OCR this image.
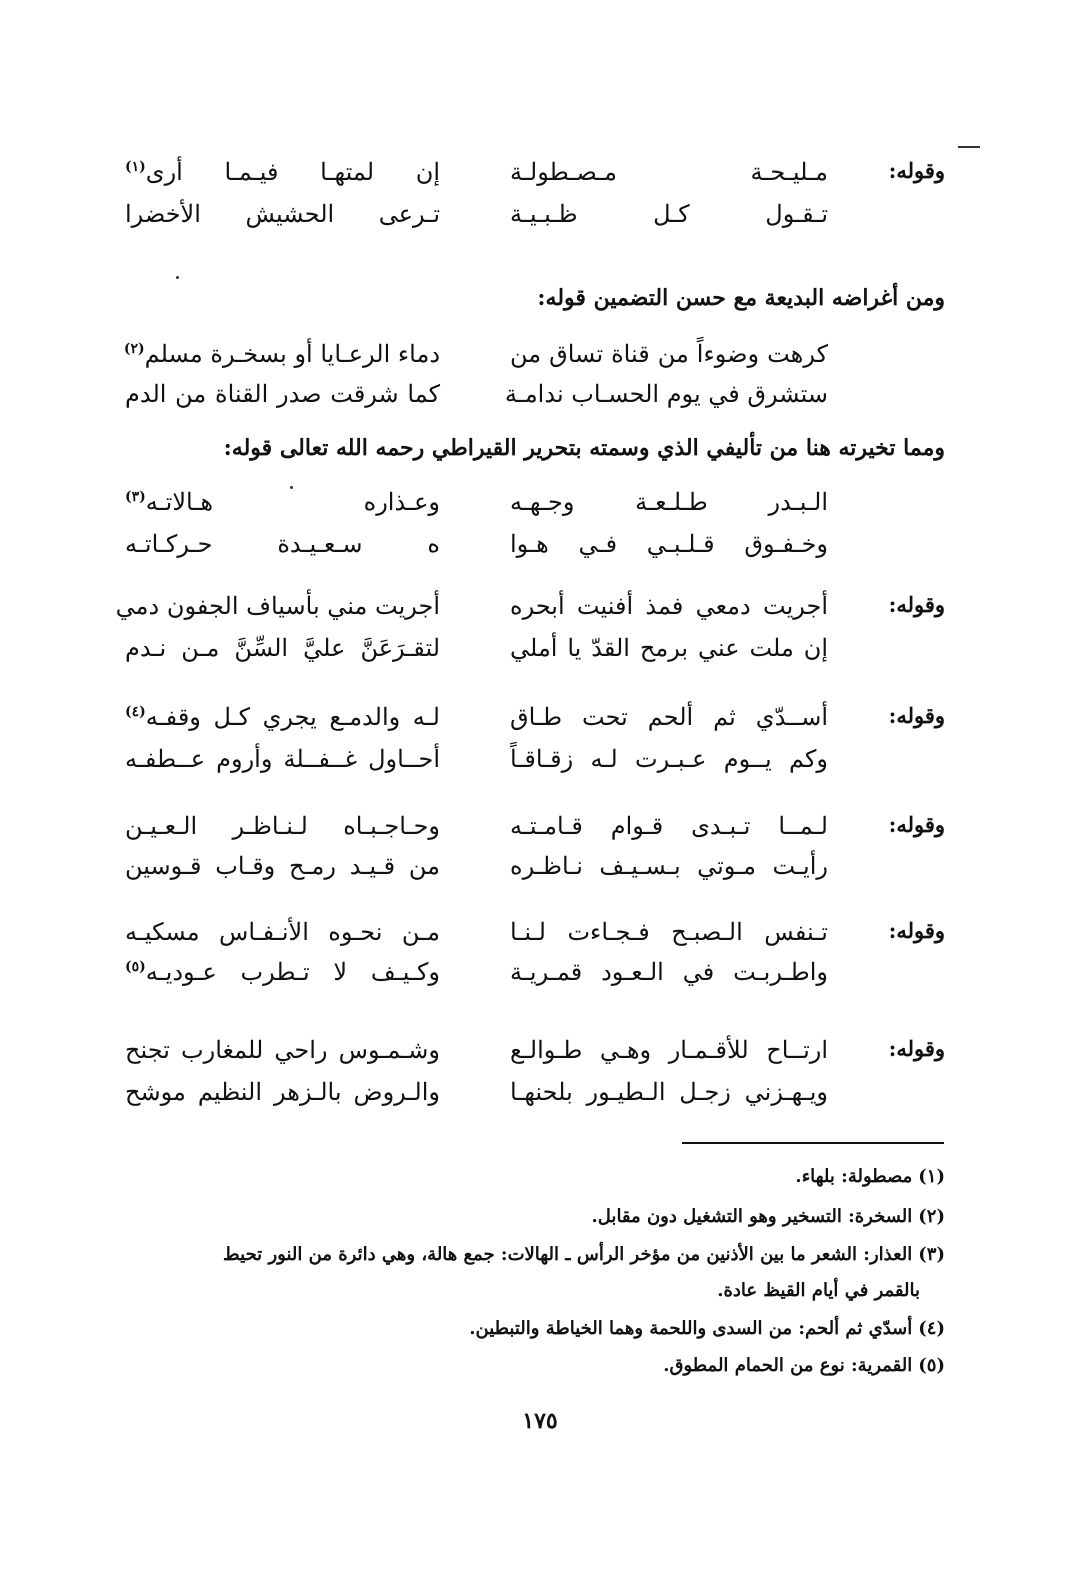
وقوله:
مـليـحـة مـصـطولـة
إن لمتهـا فيـمـا أرى$^{(١)}$
تـقـول كـل ظـبـيـة
تـرعى الحشيش الأخضرا
ومن أغراضه البديعة مع حسن التضمين قوله:
كرهت وضوءاً من قناة تساق من
دماء الرعـايا أو بسخـرة مسلم$^{(٢)}$
ستشرق في يوم الحسـاب ندامـة
كما شرقت صدر القناة من الدم
ومما تخيرته هنا من تأليفي الذي وسمته بتحرير القيراطي رحمه الله تعالى قوله:
الـبـدر طـلـعـة وجـهـه
وعـذاره هـالاتـه$^{(٣)}$
وخـفـوق قـلـبـي فـي هـوا
ه سـعـيـدة حـركـاتـه
وقوله:
أجريت دمعي فمذ أفنيت أبحره
أجريت مني بأسياف الجفون دمي
إن ملت عني برمح القدّ يا أملي
لتقـرَعَنَّ عليَّ السِّنَّ مـن نـدم
وقوله:
أســدّي ثم ألحم تحت طـاق
لـه والدمـع يجري كـل وقفـه$^{(٤)}$
وكم يــوم عـبـرت لـه زقـاقـاً
أحــاول غــفــلة وأروم عــطفـه
وقوله:
لـمــا تـبـدى قـوام قـامـتـه
وحـاجـبـاه لـنـاظـر الـعـيـن
رأيـت مـوتي بـسـيـف نـاظـره
من قـيـد رمـح وقـاب قـوسين
وقوله:
تـنفس الـصبـح فـجـاءت لـنـا
مـن نحـوه الأنـفـاس مسكيـه
واطـربـت في الـعـود قمـريـة
وكـيـف لا تـطرب عـوديـه$^{(٥)}$
وقوله:
ارتــاح للأقـمـار وهـي طـوالـع
وشـمـوس راحي للمغارب تجنح
ويـهـزني زجـل الـطيـور بلحنهـا
والـروض بالـزهر النظيم موشح
(١)مصطولة: بلهاء.
(٢)السخرة: التسخير وهو التشغيل دون مقابل.
(٣)العذار: الشعر ما بين الأذنين من مؤخر الرأس ـ الهالات: جمع هالة، وهي دائرة من النور تحيط
بالقمر في أيام القيظ عادة.
(٤)أسدّي ثم ألحم: من السدى واللحمة وهما الخياطة والتبطين.
(٥)القمرية: نوع من الحمام المطوق.
١٧٥
